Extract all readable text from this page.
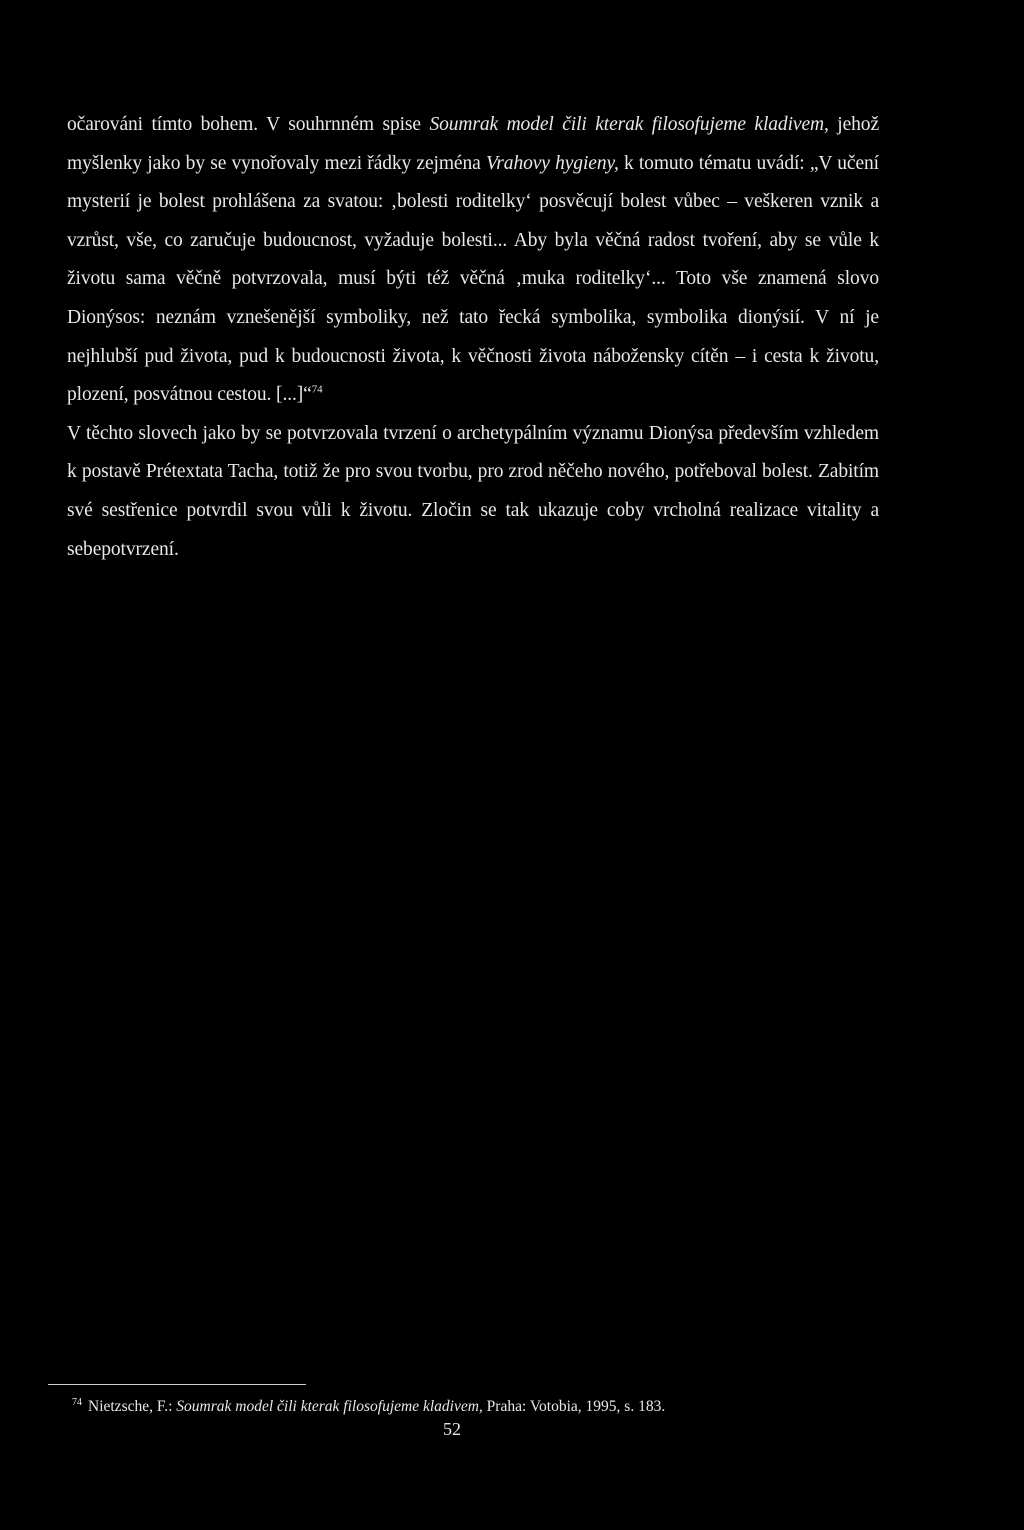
očarováni tímto bohem. V souhrnném spise Soumrak model čili kterak filosofujeme kladivem, jehož myšlenky jako by se vynořovaly mezi řádky zejména Vrahovy hygieny, k tomuto tématu uvádí: „V učení mysterií je bolest prohlášena za svatou: ‚bolesti roditelky‘ posvěcují bolest vůbec – veškeren vznik a vzrůst, vše, co zaručuje budoucnost, vyžaduje bolesti... Aby byla věčná radost tvoření, aby se vůle k životu sama věčně potvrzovala, musí býti též věčná ‚muka roditelky‘... Toto vše znamená slovo Dionýsos: neznám vznešenější symboliky, než tato řecká symbolika, symbolika dionýsií. V ní je nejhlubší pud života, pud k budoucnosti života, k věčnosti života nábožensky cítěn – i cesta k životu, plození, posvátnou cestou. [...]“$^{74}$
V těchto slovech jako by se potvrzovala tvrzení o archetypálním významu Dionýsa především vzhledem k postavě Prétextata Tacha, totiž že pro svou tvorbu, pro zrod něčeho nového, potřeboval bolest. Zabitím své sestřenice potvrdil svou vůli k životu. Zločin se tak ukazuje coby vrcholná realizace vitality a sebepotvrzení.
$^{74}$ Nietzsche, F.: Soumrak model čili kterak filosofujeme kladivem, Praha: Votobia, 1995, s. 183.
52
